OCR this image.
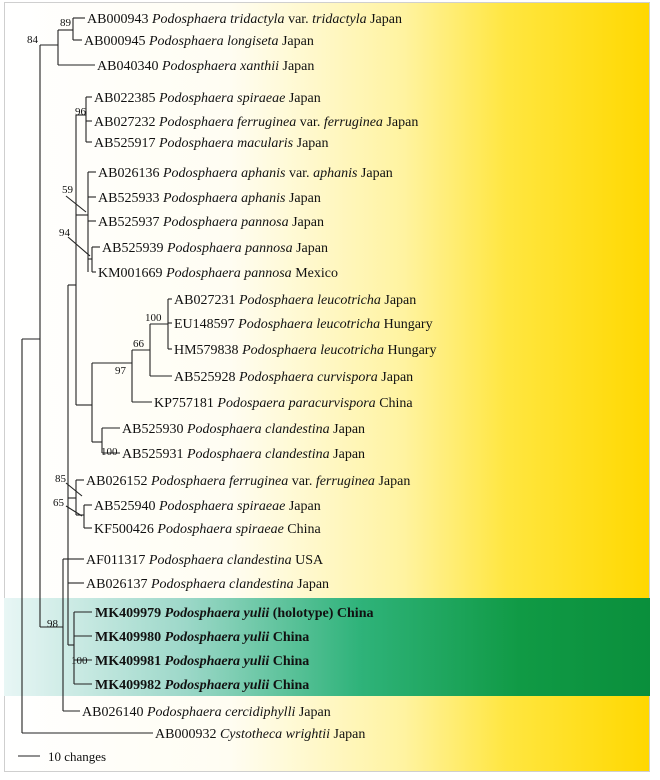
89
84
96
59
94
100
66
97
100
85
65
98
100
AB000943 Podosphaera tridactyla var. tridactyla Japan
AB000945 Podosphaera longiseta Japan
AB040340 Podosphaera xanthii Japan
AB022385 Podosphaera spiraeae Japan
AB027232 Podosphaera ferruginea var. ferruginea Japan
AB525917 Podosphaera macularis Japan
AB026136 Podosphaera aphanis var. aphanis Japan
AB525933 Podosphaera aphanis Japan
AB525937 Podosphaera pannosa Japan
AB525939 Podosphaera pannosa Japan
KM001669 Podosphaera pannosa Mexico
AB027231 Podosphaera leucotricha Japan
EU148597 Podosphaera leucotricha Hungary
HM579838 Podosphaera leucotricha Hungary
AB525928 Podosphaera curvispora Japan
KP757181 Podospaera paracurvispora China
AB525930 Podosphaera clandestina Japan
AB525931 Podosphaera clandestina Japan
AB026152 Podosphaera ferruginea var. ferruginea Japan
AB525940 Podosphaera spiraeae Japan
KF500426 Podosphaera spiraeae China
AF011317 Podosphaera clandestina USA
AB026137 Podosphaera clandestina Japan
MK409979 Podosphaera yulii (holotype) China
MK409980 Podosphaera yulii China
MK409981 Podosphaera yulii China
MK409982 Podosphaera yulii China
AB026140 Podosphaera cercidiphylli Japan
AB000932 Cystotheca wrightii Japan
10 changes
